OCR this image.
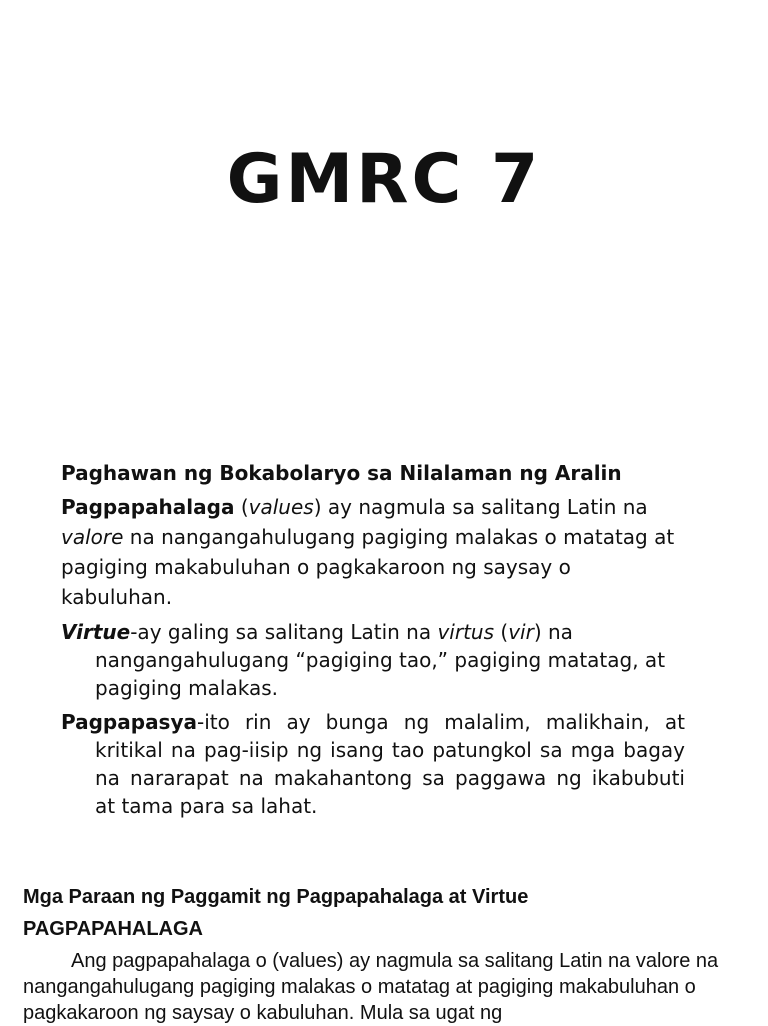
GMRC 7
Paghawan ng Bokabolaryo sa Nilalaman ng Aralin

Pagpapahalaga (values) ay nagmula sa salitang Latin na valore na nangangahulugang pagiging malakas o matatag at pagiging makabuluhan o pagkakaroon ng saysay o kabuluhan.

Virtue-ay galing sa salitang Latin na virtus (vir) na nangangahulugang “pagiging tao,” pagiging matatag, at pagiging malakas.

Pagpapasya-ito rin ay bunga ng malalim, malikhain, at kritikal na pag-iisip ng isang tao patungkol sa mga bagay na nararapat na makahantong sa paggawa ng ikabubuti at tama para sa lahat.

Mga Paraan ng Paggamit ng Pagpapahalaga at Virtue
PAGPAPAHALAGA
Ang pagpapahalaga o (values) ay nagmula sa salitang Latin na valore na nangangahulugang pagiging malakas o matatag at pagiging makabuluhan o pagkakaroon ng saysay o kabuluhan. Mula sa ugat ng
